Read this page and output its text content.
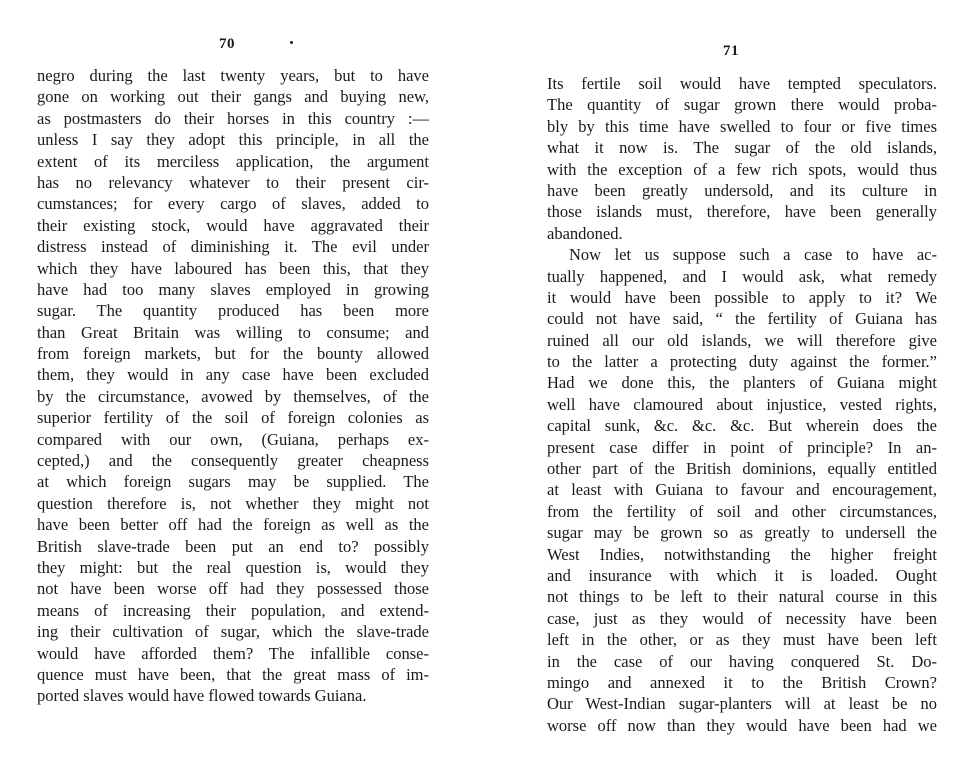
70	71
negro during the last twenty years, but to have
gone on working out their gangs and buying new,
as postmasters do their horses in this country :—
unless I say they adopt this principle, in all the
extent of its merciless application, the argument
has no relevancy whatever to their present cir-
cumstances; for every cargo of slaves, added to
their existing stock, would have aggravated their
distress instead of diminishing it. The evil under
which they have laboured has been this, that they
have had too many slaves employed in growing
sugar. The quantity produced has been more
than Great Britain was willing to consume; and
from foreign markets, but for the bounty allowed
them, they would in any case have been excluded
by the circumstance, avowed by themselves, of the
superior fertility of the soil of foreign colonies as
compared with our own, (Guiana, perhaps ex-
cepted,) and the consequently greater cheapness
at which foreign sugars may be supplied. The
question therefore is, not whether they might not
have been better off had the foreign as well as the
British slave-trade been put an end to? possibly
they might: but the real question is, would they
not have been worse off had they possessed those
means of increasing their population, and extend-
ing their cultivation of sugar, which the slave-trade
would have afforded them? The infallible conse-
quence must have been, that the great mass of im-
ported slaves would have flowed towards Guiana.
Its fertile soil would have tempted speculators.
The quantity of sugar grown there would proba-
bly by this time have swelled to four or five times
what it now is. The sugar of the old islands,
with the exception of a few rich spots, would thus
have been greatly undersold, and its culture in
those islands must, therefore, have been generally
abandoned.
Now let us suppose such a case to have ac-
tually happened, and I would ask, what remedy
it would have been possible to apply to it? We
could not have said, “ the fertility of Guiana has
ruined all our old islands, we will therefore give
to the latter a protecting duty against the former.”
Had we done this, the planters of Guiana might
well have clamoured about injustice, vested rights,
capital sunk, &c. &c. &c. But wherein does the
present case differ in point of principle? In an-
other part of the British dominions, equally entitled
at least with Guiana to favour and encouragement,
from the fertility of soil and other circumstances,
sugar may be grown so as greatly to undersell the
West Indies, notwithstanding the higher freight
and insurance with which it is loaded. Ought
not things to be left to their natural course in this
case, just as they would of necessity have been
left in the other, or as they must have been left
in the case of our having conquered St. Do-
mingo and annexed it to the British Crown?
Our West-Indian sugar-planters will at least be no
worse off now than they would have been had we
